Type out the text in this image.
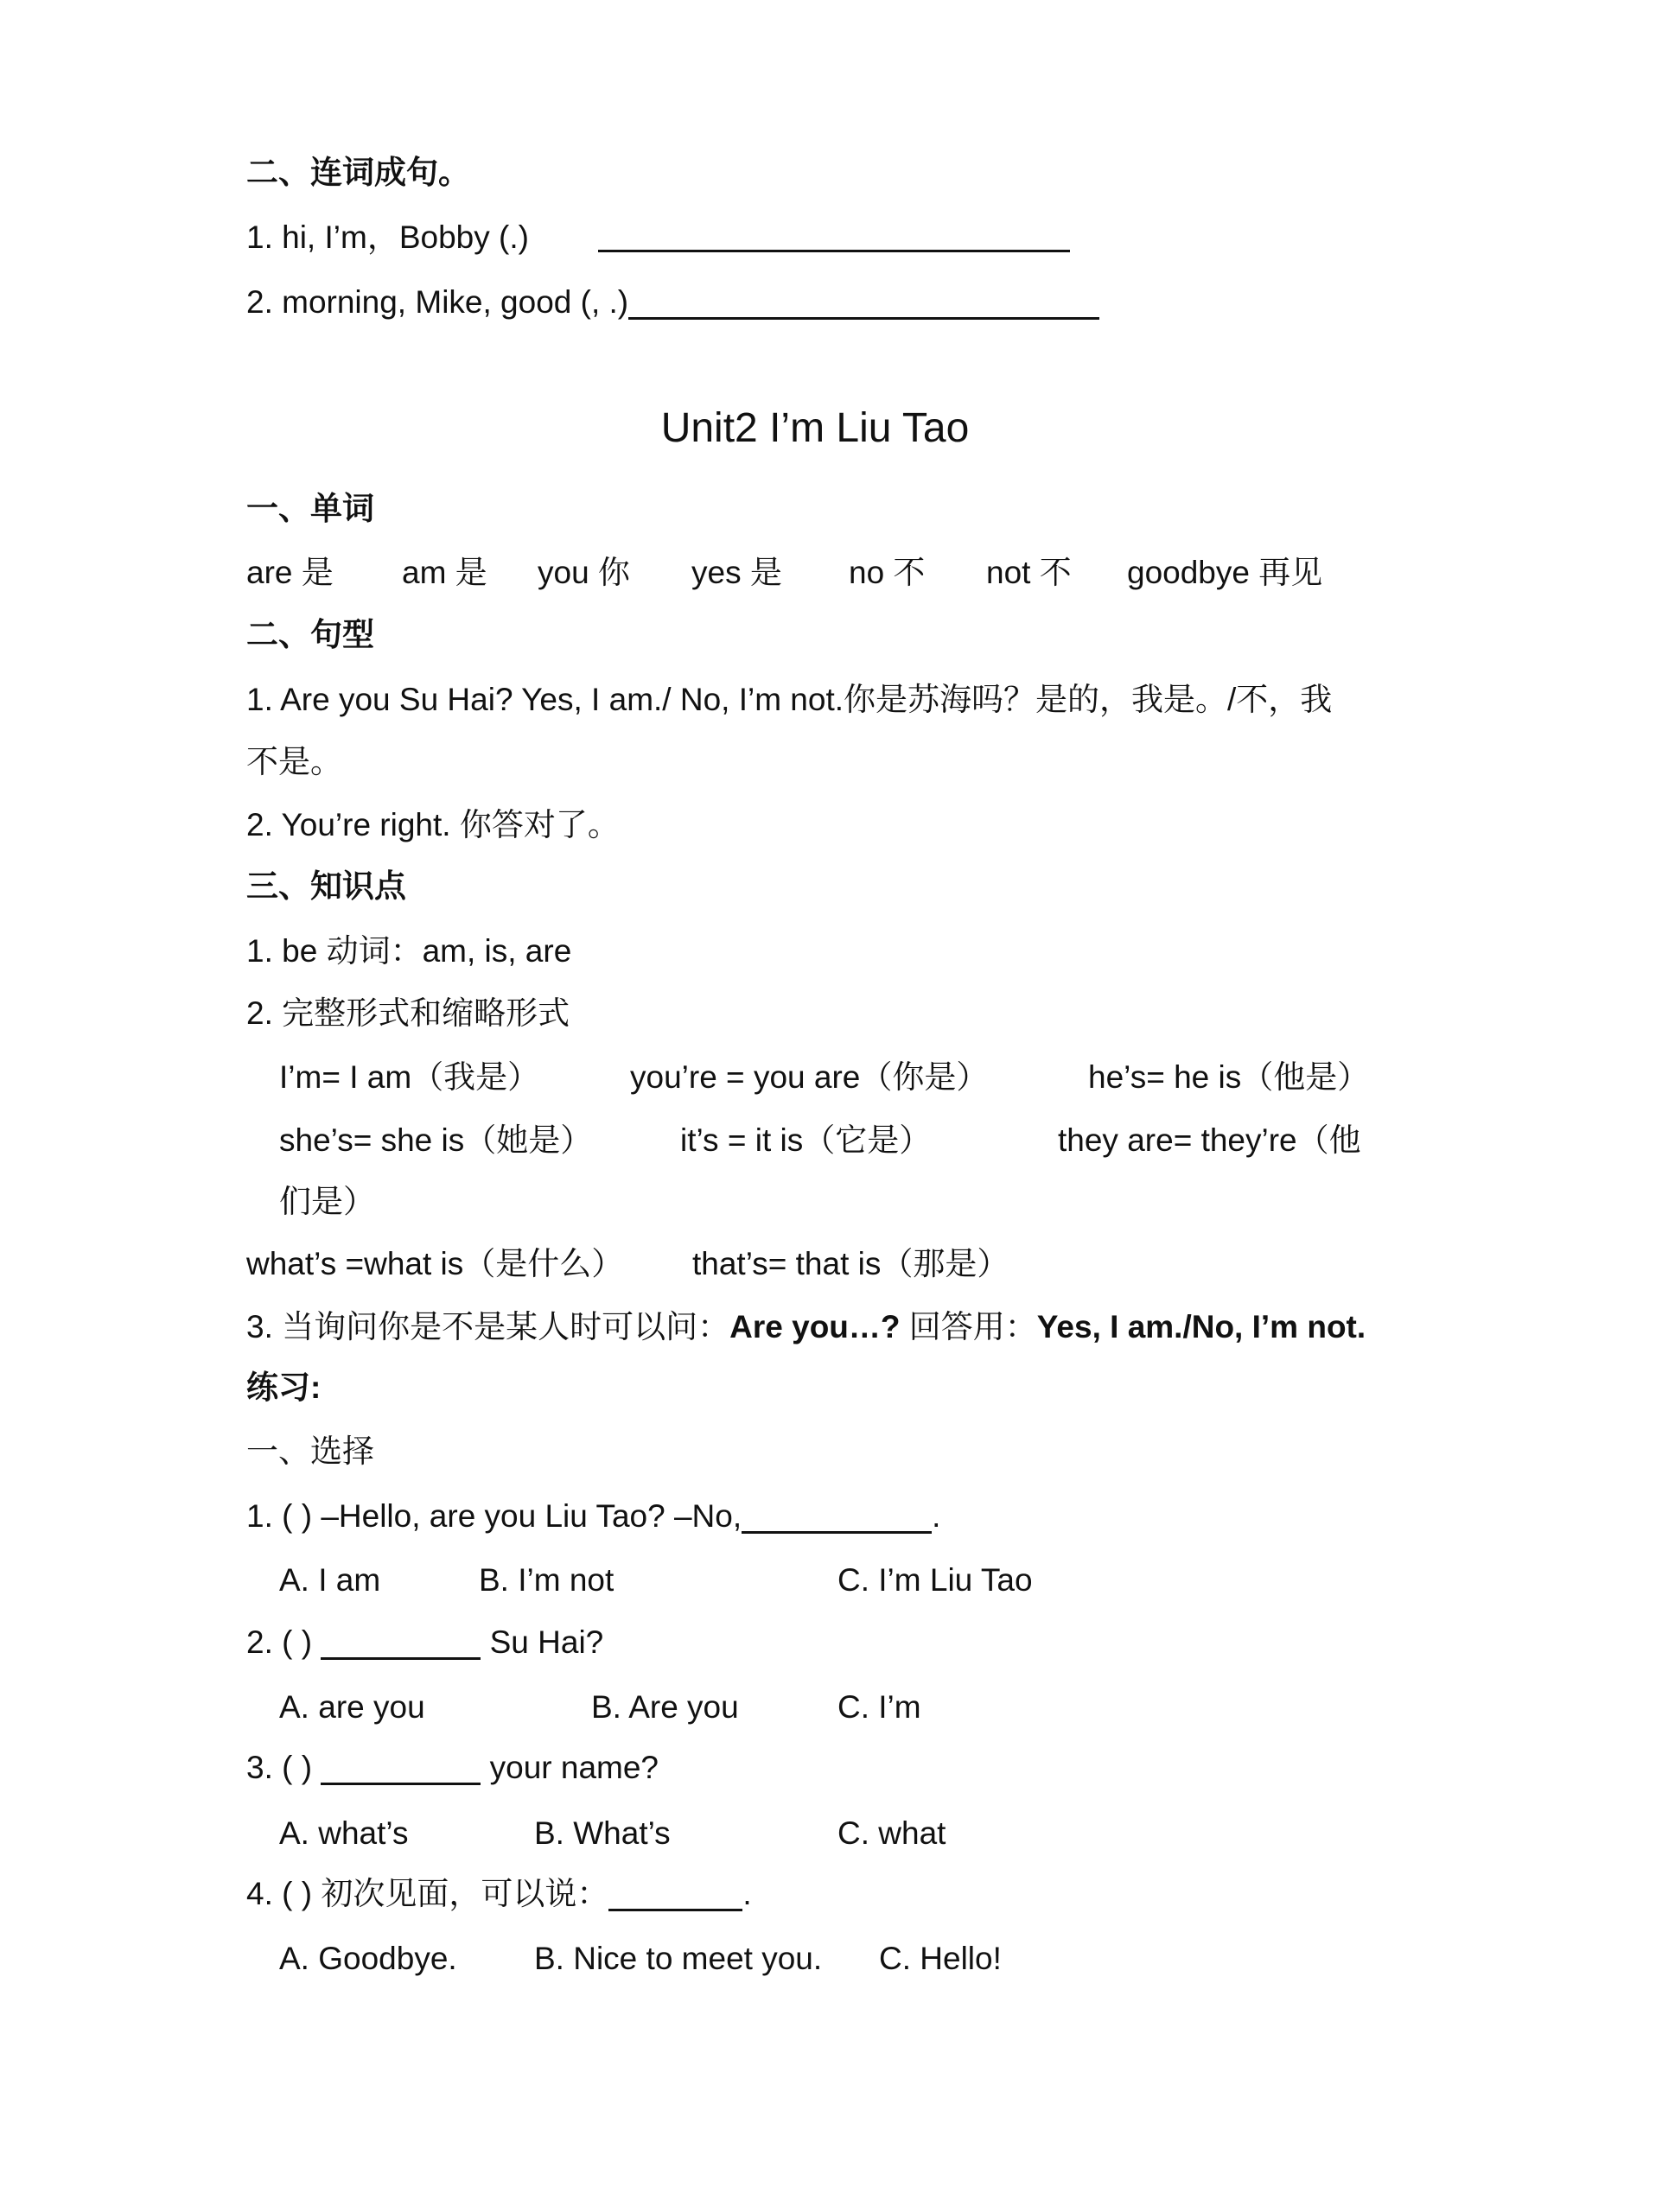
二、连词成句。
1. hi, I’m，Bobby (.)
2. morning, Mike, good (, .)
Unit2 I’m Liu Tao
一、单词
are 是 am 是 you 你 yes 是 no 不 not 不 goodbye 再见
二、句型
1. Are you Su Hai? Yes, I am./ No, I’m not.你是苏海吗？是的，我是。/不，我
不是。
2. You’re right. 你答对了。
三、知识点
1. be 动词：am, is, are
2. 完整形式和缩略形式
I’m= I am（我是）	you’re = you are（你是）	he’s= he is（他是）
she’s= she is（她是）	it’s = it is（它是）	they are= they’re（他
们是）
what’s =what is（是什么） that’s= that is（那是）
3. 当询问你是不是某人时可以问：Are you…? 回答用：Yes, I am./No, I’m not.
练习:
一、选择
1. ( ) –Hello, are you Liu Tao? –No,	.
A. I am	B. I’m not	C. I’m Liu Tao
2. ( )	Su Hai?
A. are you	B. Are you	C. I’m
3. ( )	your name?
A. what’s	B. What’s	C. what
4. ( ) 初次见面，可以说：	.
A. Goodbye. B. Nice to meet you. C. Hello!
